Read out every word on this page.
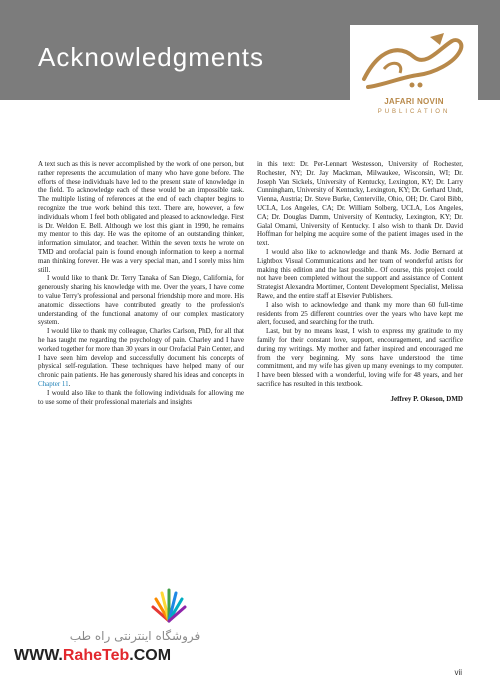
Acknowledgments
JAFARI NOVIN
PUBLICATION

A text such as this is never accomplished by the work of one person, but rather represents the accumulation of many who have gone before. The efforts of these individuals have led to the present state of knowledge in the field. To acknowledge each of these would be an impossible task. The multiple listing of references at the end of each chapter begins to recognize the true work behind this text. There are, however, a few individuals whom I feel both obligated and pleased to acknowledge. First is Dr. Weldon E. Bell. Although we lost this giant in 1990, he remains my mentor to this day. He was the epitome of an outstanding thinker, information simulator, and teacher. Within the seven texts he wrote on TMD and orofacial pain is found enough information to keep a normal man thinking forever. He was a very special man, and I sorely miss him still.

I would like to thank Dr. Terry Tanaka of San Diego, California, for generously sharing his knowledge with me. Over the years, I have come to value Terry's professional and personal friendship more and more. His anatomic dissections have contributed greatly to the profession's understanding of the functional anatomy of our complex masticatory system.

I would like to thank my colleague, Charles Carlson, PhD, for all that he has taught me regarding the psychology of pain. Charley and I have worked together for more than 30 years in our Orofacial Pain Center, and I have seen him develop and successfully document his concepts of physical self-regulation. These techniques have helped many of our chronic pain patients. He has generously shared his ideas and concepts in Chapter 11.

I would also like to thank the following individuals for allowing me to use some of their professional materials and insights

in this text: Dr. Per-Lennart Westesson, University of Rochester, Rochester, NY; Dr. Jay Mackman, Milwaukee, Wisconsin, WI; Dr. Joseph Van Sickels, University of Kentucky, Lexington, KY; Dr. Larry Cunningham, University of Kentucky, Lexington, KY; Dr. Gerhard Undt, Vienna, Austria; Dr. Steve Burke, Centerville, Ohio, OH; Dr. Carol Bibb, UCLA, Los Angeles, CA; Dr. William Solberg, UCLA, Los Angeles, CA; Dr. Douglas Damm, University of Kentucky, Lexington, KY; Dr. Galal Omami, University of Kentucky. I also wish to thank Dr. David Hoffman for helping me acquire some of the patient images used in the text.

I would also like to acknowledge and thank Ms. Jodie Bernard at Lightbox Visual Communications and her team of wonderful artists for making this edition and the last possible.. Of course, this project could not have been completed without the support and assistance of Content Strategist Alexandra Mortimer, Content Development Specialist, Melissa Rawe, and the entire staff at Elsevier Publishers.

I also wish to acknowledge and thank my more than 60 full-time residents from 25 different countries over the years who have kept me alert, focused, and searching for the truth.

Last, but by no means least, I wish to express my gratitude to my family for their constant love, support, encouragement, and sacrifice during my writings. My mother and father inspired and encouraged me from the very beginning. My sons have understood the time commitment, and my wife has given up many evenings to my computer. I have been blessed with a wonderful, loving wife for 48 years, and her sacrifice has resulted in this textbook.

Jeffrey P. Okeson, DMD

فروشگاه اینترنتی راه طب
WWW.RaheTeb.COM
vii
